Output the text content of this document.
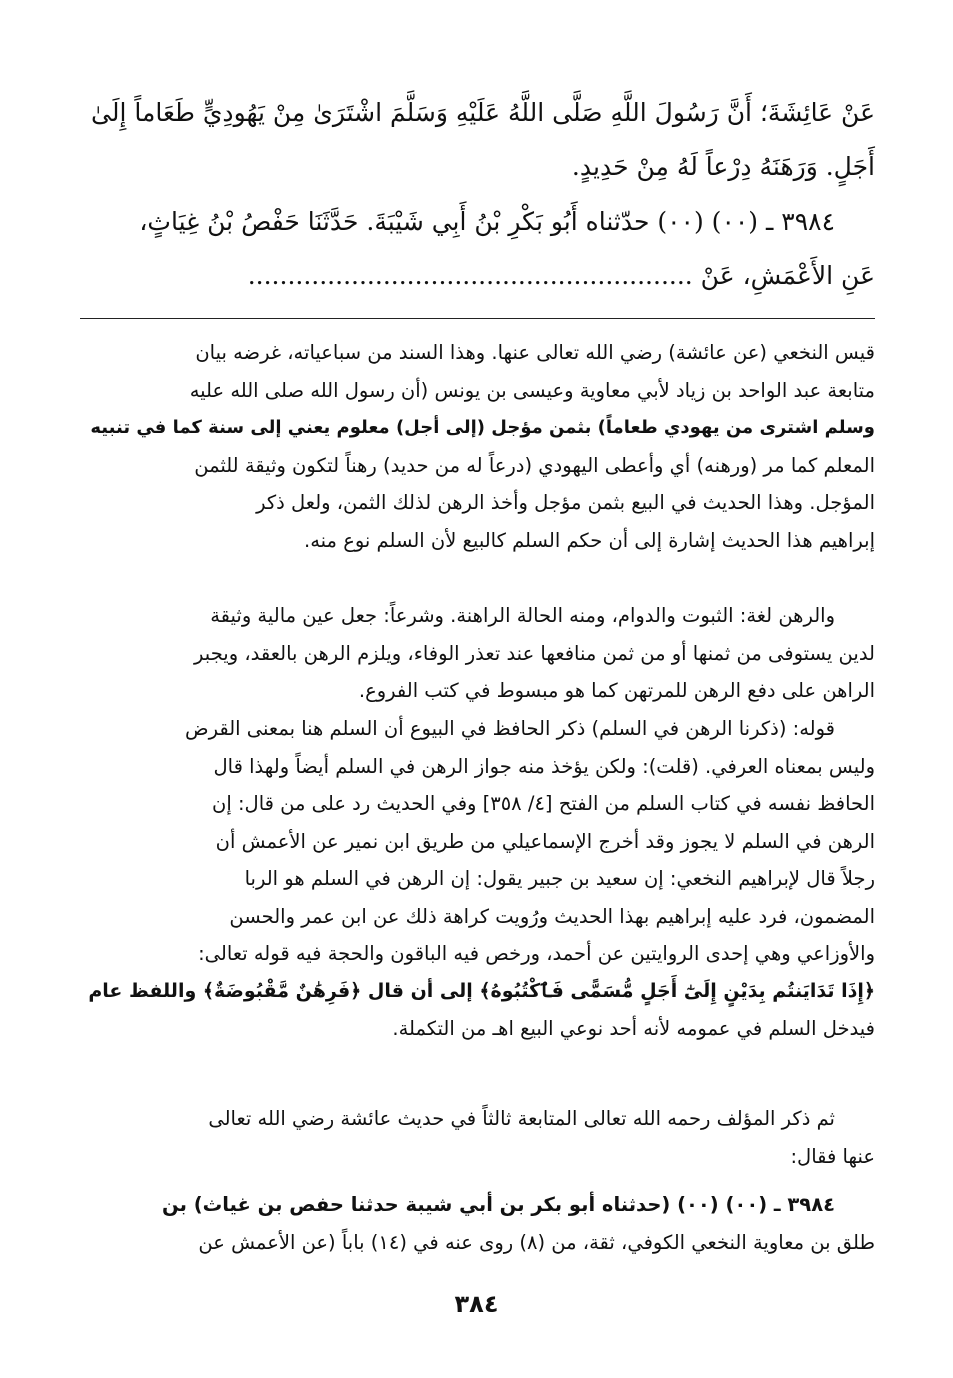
عَنْ عَائِشَةَ؛ أَنَّ رَسُولَ اللَّهِ صَلَّى اللَّهُ عَلَيْهِ وَسَلَّمَ اشْتَرَىٰ مِنْ يَهُودِيٍّ طَعَاماً إِلَىٰ
أَجَلٍ. وَرَهَنَهُ دِرْعاً لَهُ مِنْ حَدِيدٍ.
٣٩٨٤ ـ (٠٠) (٠٠) حدّثناه أَبُو بَكْرِ بْنُ أَبِي شَيْبَةَ. حَدَّثَنَا حَفْصُ بْنُ غِيَاثٍ،
عَنِ الأَعْمَشِ، عَنْ ........................................................
قيس النخعي (عن عائشة) رضي الله تعالى عنها. وهذا السند من سباعياته، غرضه بيان
متابعة عبد الواحد بن زياد لأبي معاوية وعيسى بن يونس (أن رسول الله صلى الله عليه
وسلم اشترى من يهودي طعاماً) بثمن مؤجل (إلى أجل) معلوم يعني إلى سنة كما في تنبيه
المعلم كما مر (ورهنه) أي وأعطى اليهودي (درعاً له من حديد) رهناً لتكون وثيقة للثمن
المؤجل. وهذا الحديث في البيع بثمن مؤجل وأخذ الرهن لذلك الثمن، ولعل ذكر
إبراهيم هذا الحديث إشارة إلى أن حكم السلم كالبيع لأن السلم نوع منه.
والرهن لغة: الثبوت والدوام، ومنه الحالة الراهنة. وشرعاً: جعل عين مالية وثيقة
لدين يستوفى من ثمنها أو من ثمن منافعها عند تعذر الوفاء، ويلزم الرهن بالعقد، ويجبر
الراهن على دفع الرهن للمرتهن كما هو مبسوط في كتب الفروع.
قوله: (ذكرنا الرهن في السلم) ذكر الحافظ في البيوع أن السلم هنا بمعنى القرض
وليس بمعناه العرفي. (قلت): ولكن يؤخذ منه جواز الرهن في السلم أيضاً ولهذا قال
الحافظ نفسه في كتاب السلم من الفتح [٤/ ٣٥٨] وفي الحديث رد على من قال: إن
الرهن في السلم لا يجوز وقد أخرج الإسماعيلي من طريق ابن نمير عن الأعمش أن
رجلاً قال لإبراهيم النخعي: إن سعيد بن جبير يقول: إن الرهن في السلم هو الربا
المضمون، فرد عليه إبراهيم بهذا الحديث ورُويت كراهة ذلك عن ابن عمر والحسن
والأوزاعي وهي إحدى الروايتين عن أحمد، ورخص فيه الباقون والحجة فيه قوله تعالى:
﴿إِذَا تَدَايَنتُم بِدَيْنٍ إِلَىٰٓ أَجَلٍ مُّسَمًّى فَٱكْتُبُوهُ﴾ إلى أن قال ﴿فَرِهَٰنٌ مَّقْبُوضَةٌ﴾ واللفظ عام
فيدخل السلم في عمومه لأنه أحد نوعي البيع اهـ من التكملة.
ثم ذكر المؤلف رحمه الله تعالى المتابعة ثالثاً في حديث عائشة رضي الله تعالى
عنها فقال:
٣٩٨٤ ـ (٠٠) (٠٠) (حدثناه أبو بكر بن أبي شيبة حدثنا حفص بن غياث) بن
طلق بن معاوية النخعي الكوفي، ثقة، من (٨) روى عنه في (١٤) باباً (عن الأعمش عن
٣٨٤
